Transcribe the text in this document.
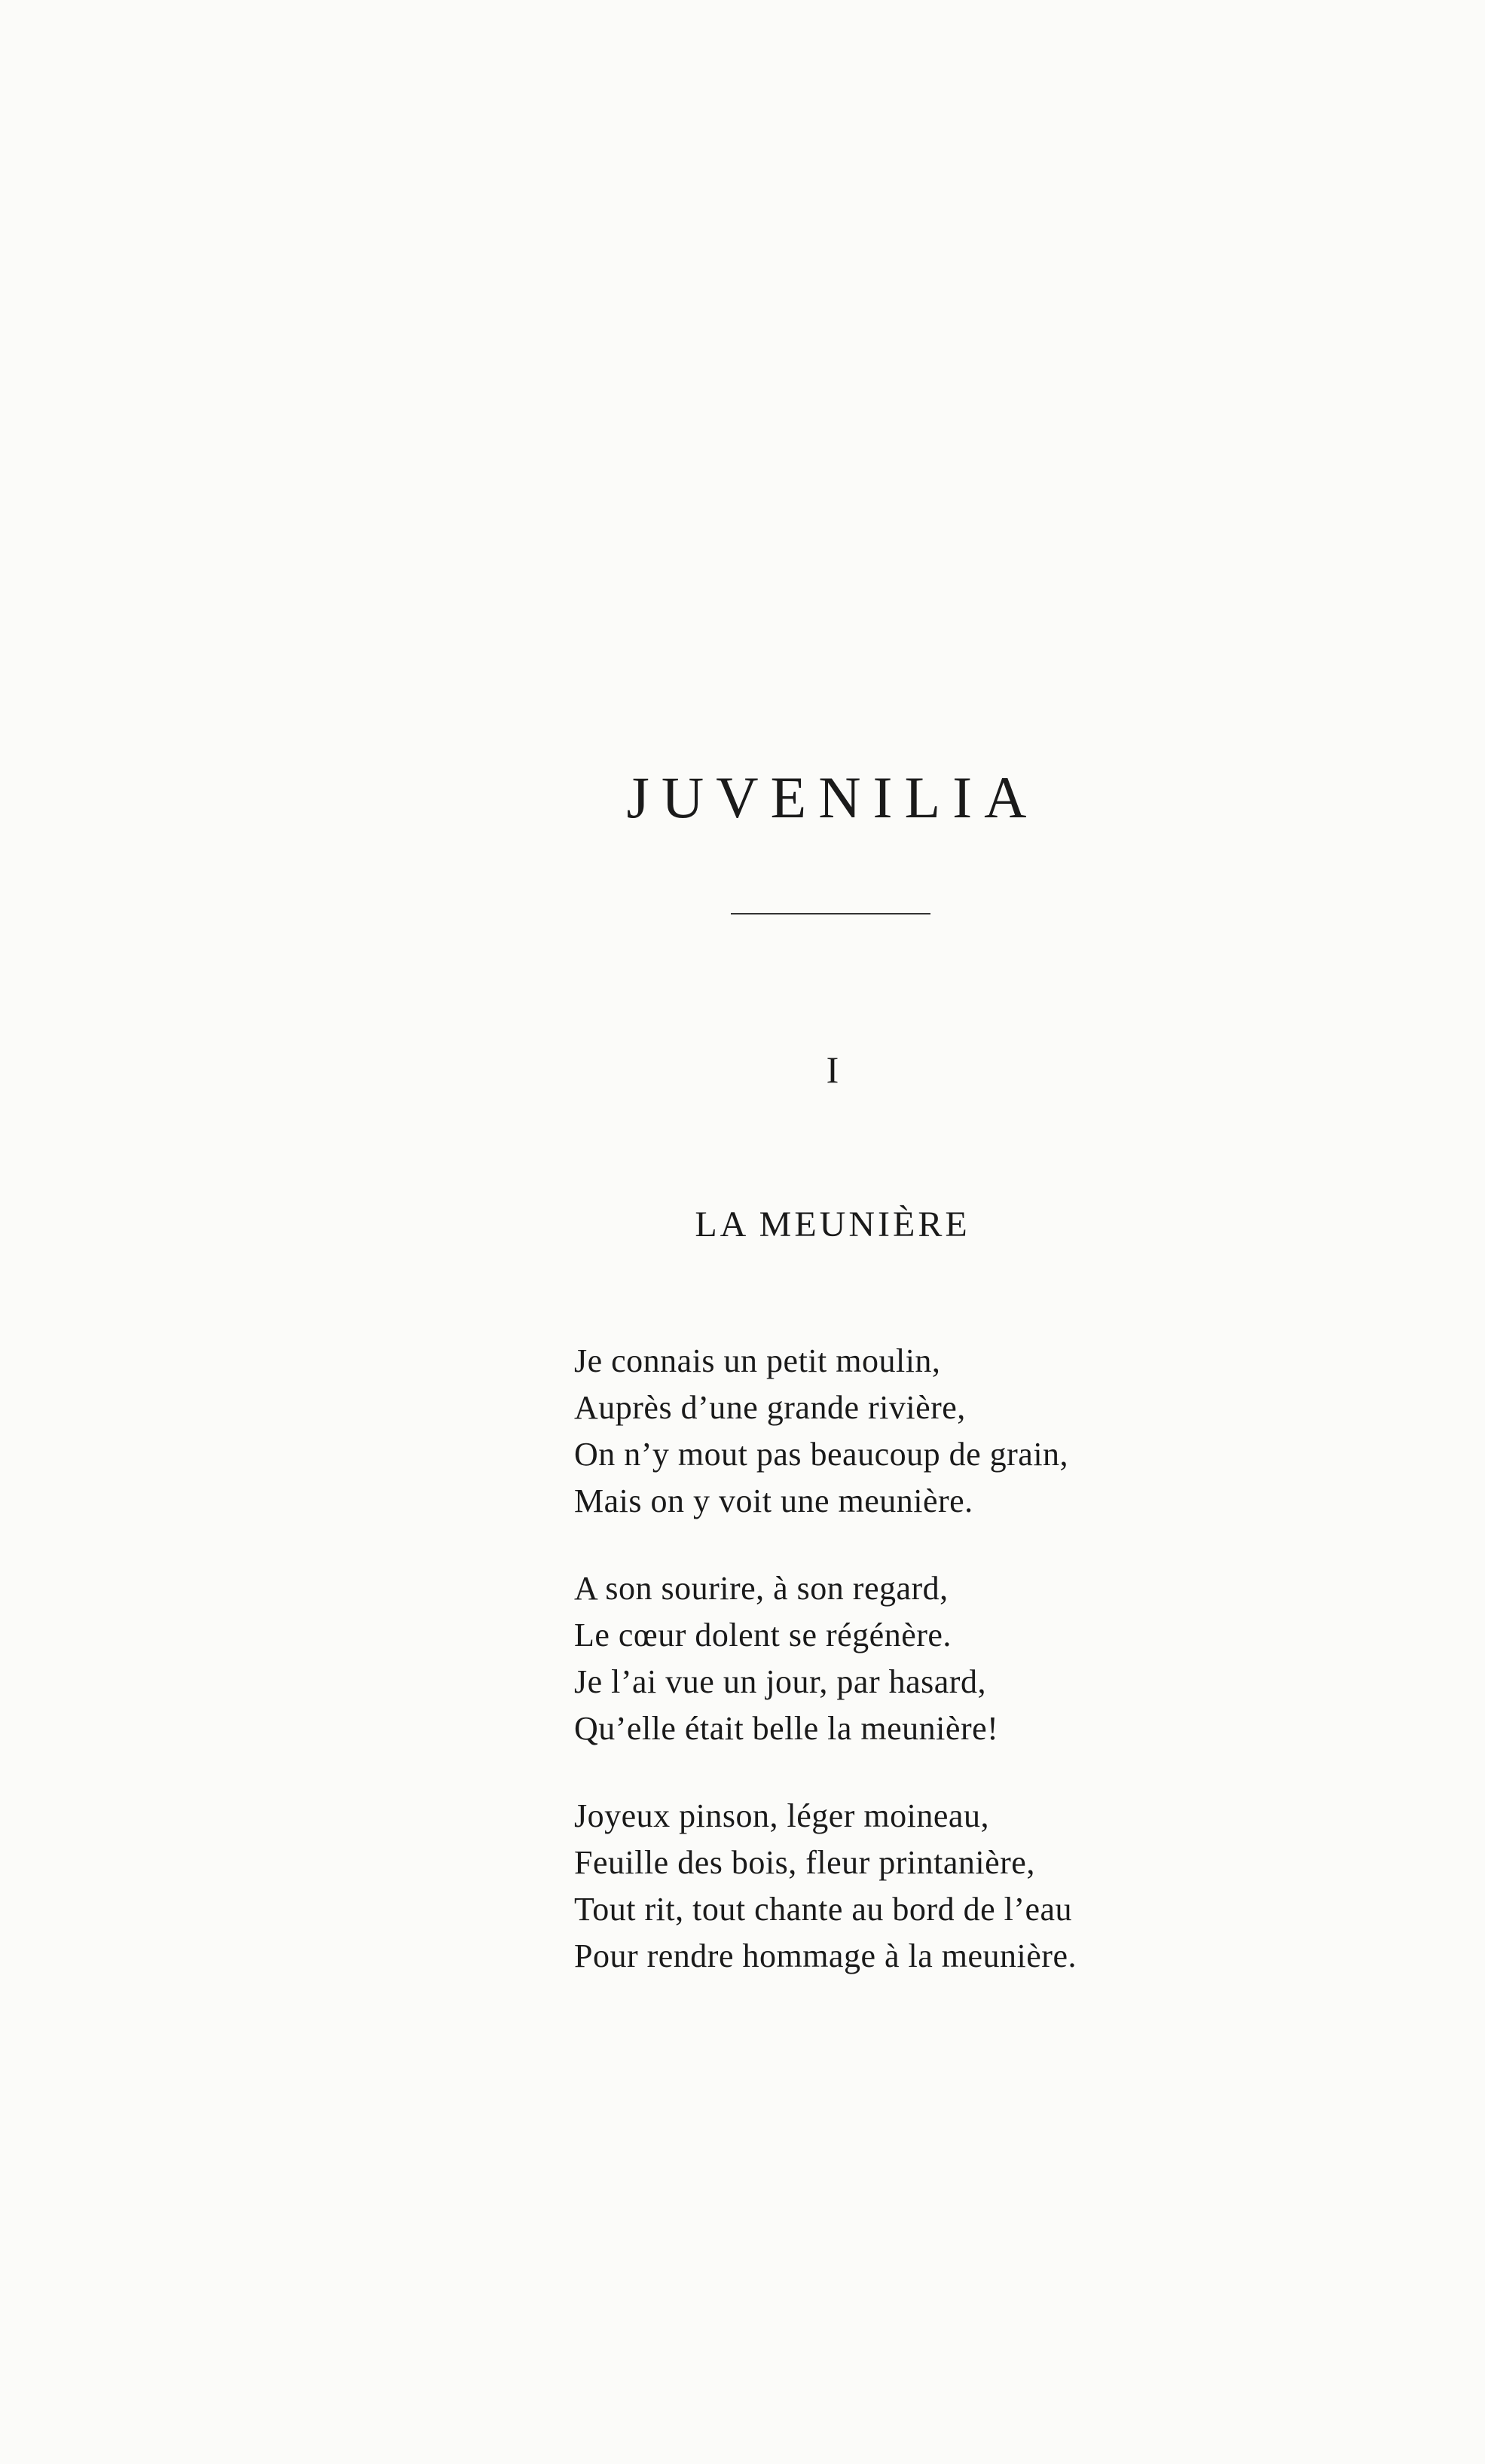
JUVENILIA
I
LA MEUNIÈRE
Je connais un petit moulin,
Auprès d’une grande rivière,
On n’y mout pas beaucoup de grain,
Mais on y voit une meunière.
A son sourire, à son regard,
Le cœur dolent se régénère.
Je l’ai vue un jour, par hasard,
Qu’elle était belle la meunière!
Joyeux pinson, léger moineau,
Feuille des bois, fleur printanière,
Tout rit, tout chante au bord de l’eau
Pour rendre hommage à la meunière.
